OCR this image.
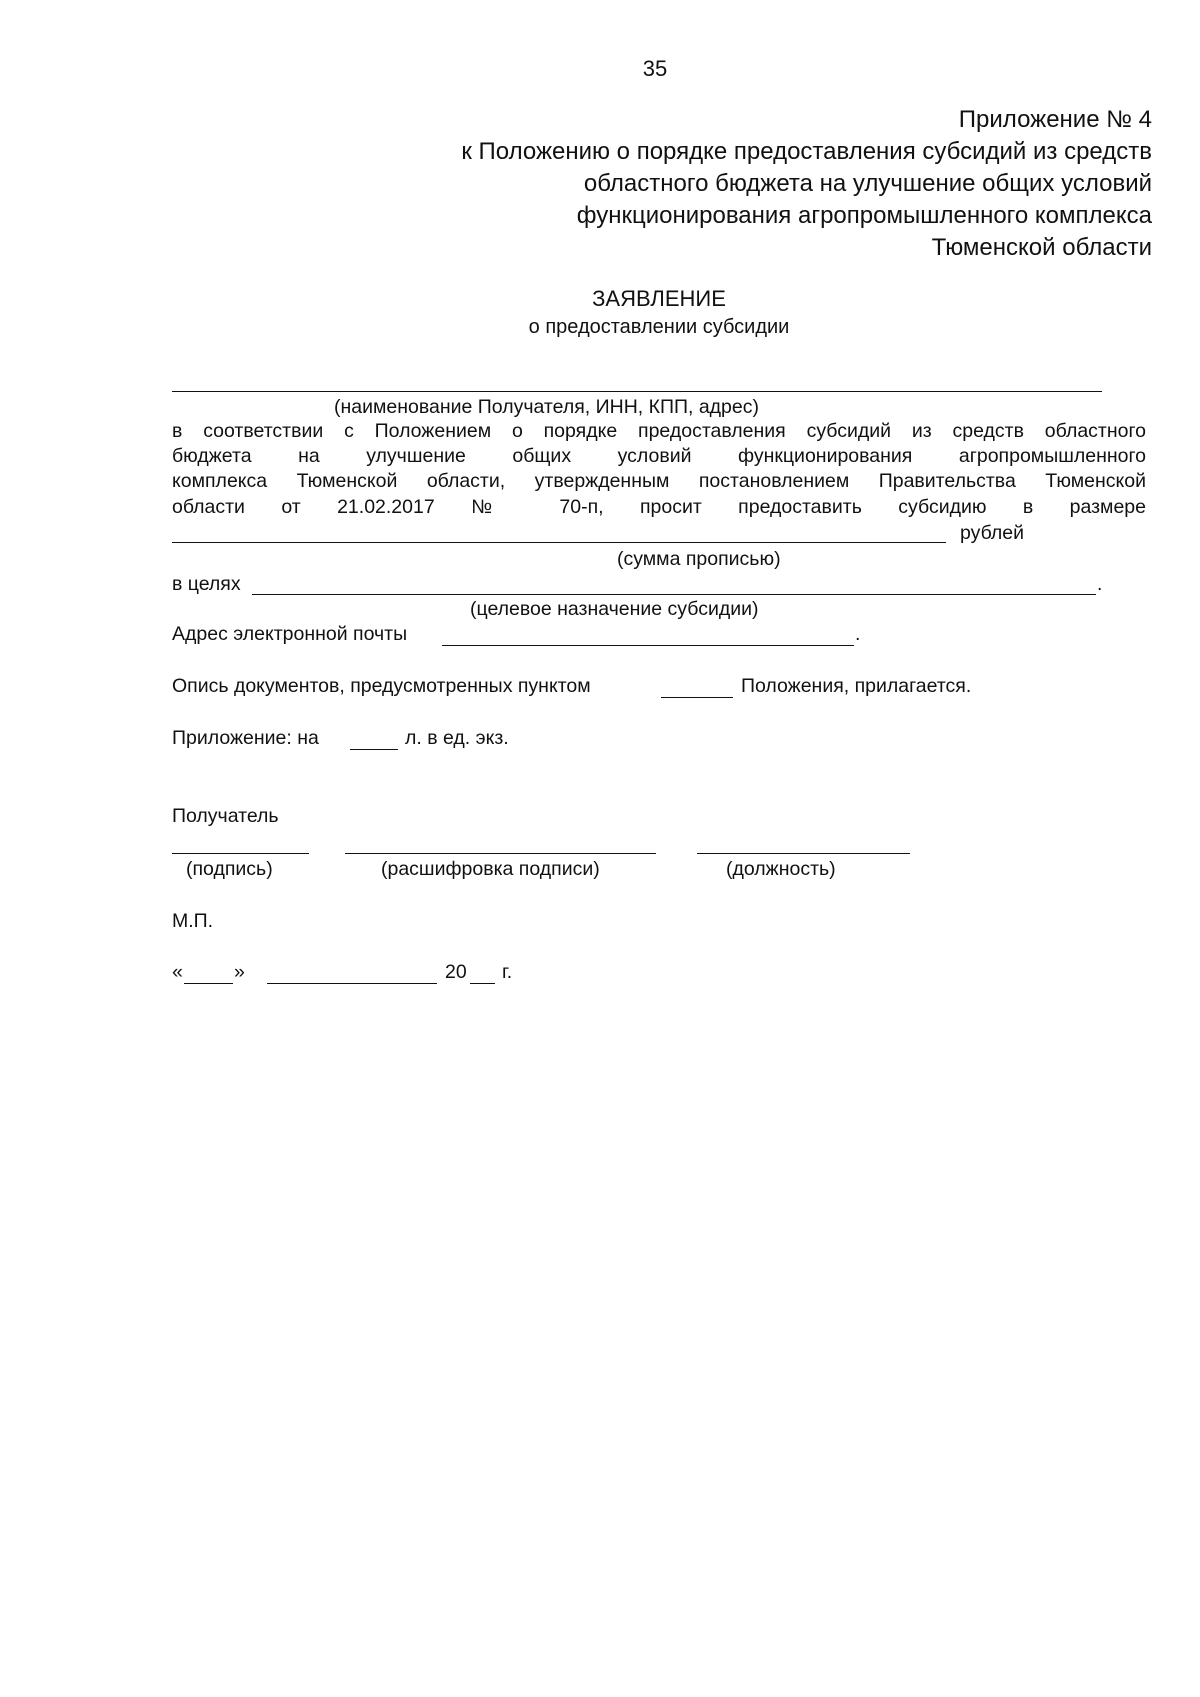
35
Приложение № 4
к Положению о порядке предоставления субсидий из средств
областного бюджета на улучшение общих условий
функционирования агропромышленного комплекса
Тюменской области
ЗАЯВЛЕНИЕ
о предоставлении субсидии
(наименование Получателя, ИНН, КПП, адрес)
в соответствии с Положением о порядке предоставления субсидий из средств областного
бюджета на улучшение общих условий функционирования агропромышленного
комплекса Тюменской области, утвержденным постановлением Правительства Тюменской
области от 21.02.2017 № 70-п, просит предоставить субсидию в размере
рублей
(сумма прописью)
в целях	.
(целевое назначение субсидии)
Адрес электронной почты	.
Опись документов, предусмотренных пунктом	Положения, прилагается.
Приложение: на	л. в ед. экз.
Получатель
(подпись)	(расшифровка подписи)	(должность)
М.П.
«	»	20 г.
